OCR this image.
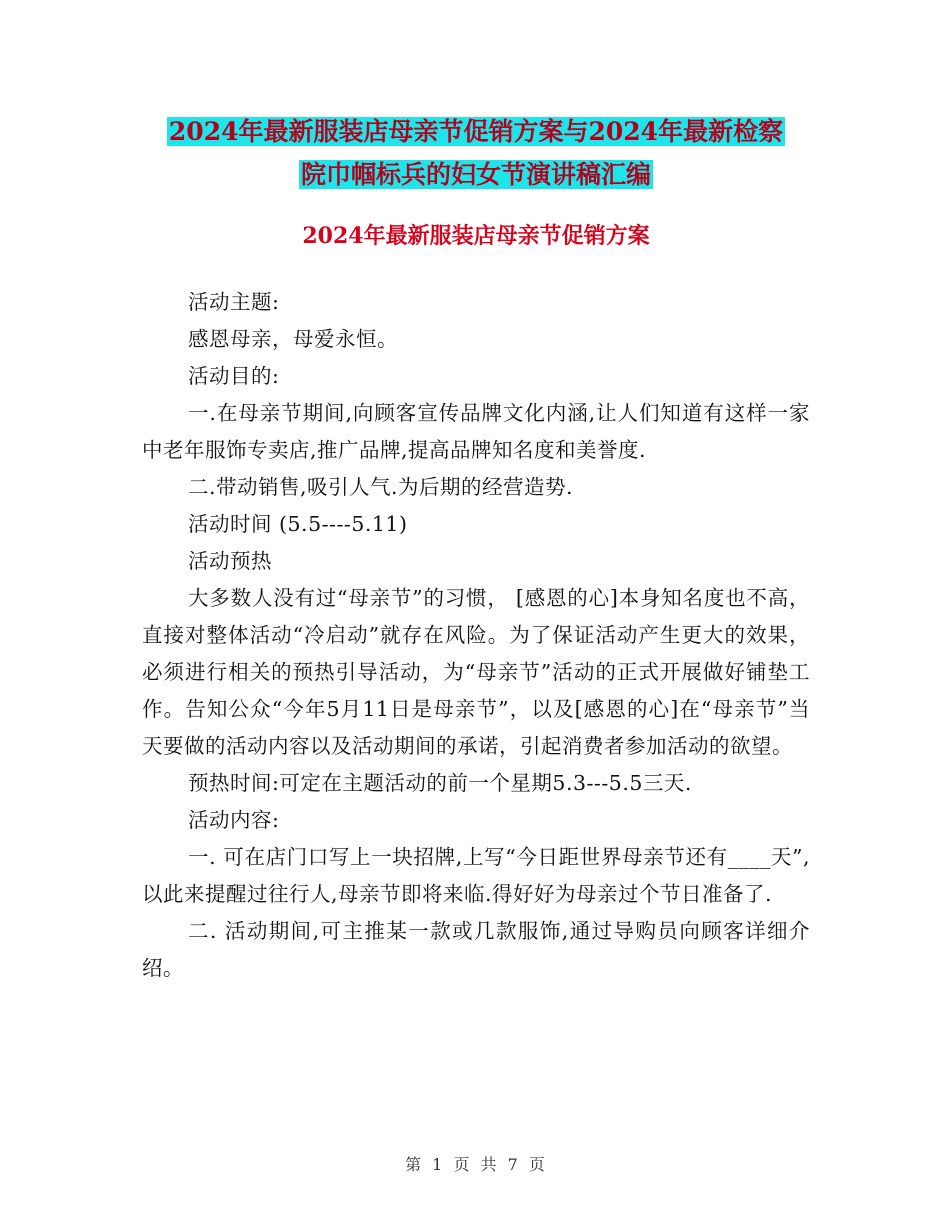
2024年最新服装店母亲节促销方案与2024年最新检察
院巾帼标兵的妇女节演讲稿汇编
2024年最新服装店母亲节促销方案

活动主题:

感恩母亲，母爱永恒。

活动目的:

一.在母亲节期间,向顾客宣传品牌文化内涵,让人们知道有这样一家中老年服饰专卖店,推广品牌,提高品牌知名度和美誉度.

二.带动销售,吸引人气.为后期的经营造势.

活动时间 (5.5----5.11)

活动预热

大多数人没有过“母亲节”的习惯， [感恩的心]本身知名度也不高，直接对整体活动“冷启动”就存在风险。为了保证活动产生更大的效果，必须进行相关的预热引导活动，为“母亲节”活动的正式开展做好铺垫工作。告知公众“今年5月11日是母亲节”，以及[感恩的心]在“母亲节”当天要做的活动内容以及活动期间的承诺，引起消费者参加活动的欲望。

预热时间:可定在主题活动的前一个星期5.3---5.5三天.

活动内容:

一. 可在店门口写上一块招牌,上写“今日距世界母亲节还有____天”,以此来提醒过往行人,母亲节即将来临.得好好为母亲过个节日准备了.

二. 活动期间,可主推某一款或几款服饰,通过导购员向顾客详细介绍。

第 1 页 共 7 页
